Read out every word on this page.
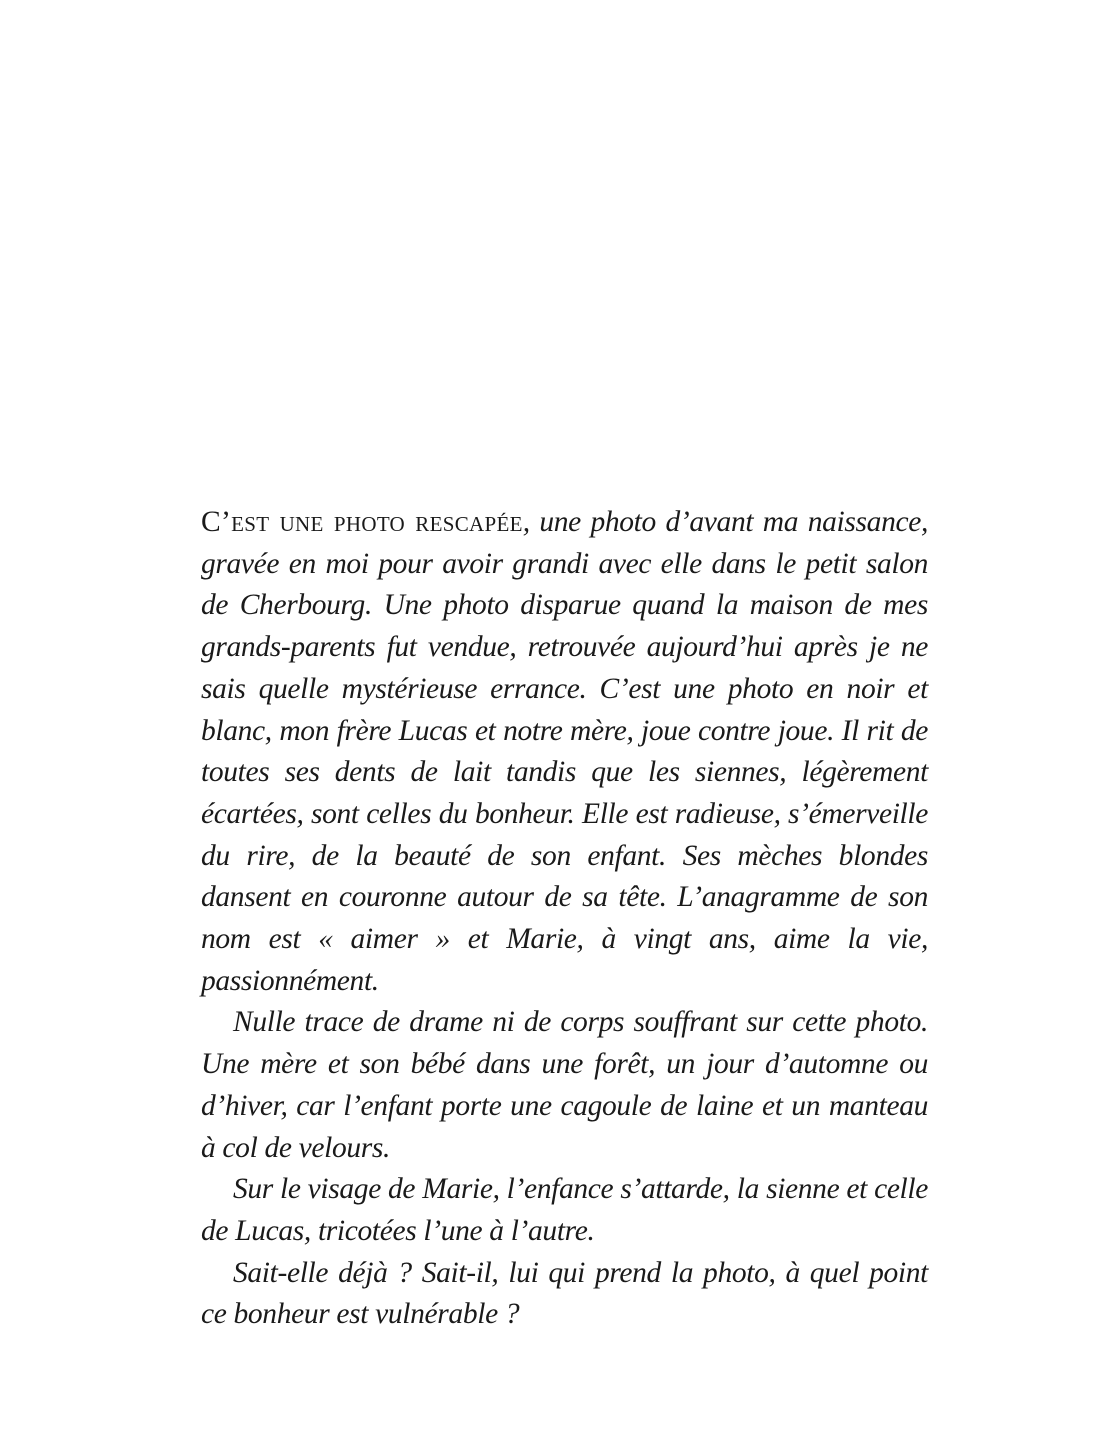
C’est une photo rescapée, une photo d’avant ma naissance, gravée en moi pour avoir grandi avec elle dans le petit salon de Cherbourg. Une photo disparue quand la maison de mes grands-parents fut vendue, retrouvée aujourd’hui après je ne sais quelle mystérieuse errance. C’est une photo en noir et blanc, mon frère Lucas et notre mère, joue contre joue. Il rit de toutes ses dents de lait tandis que les siennes, légèrement écartées, sont celles du bonheur. Elle est radieuse, s’émerveille du rire, de la beauté de son enfant. Ses mèches blondes dansent en couronne autour de sa tête. L’anagramme de son nom est « aimer » et Marie, à vingt ans, aime la vie, passionnément.

Nulle trace de drame ni de corps souffrant sur cette photo. Une mère et son bébé dans une forêt, un jour d’automne ou d’hiver, car l’enfant porte une cagoule de laine et un manteau à col de velours.

Sur le visage de Marie, l’enfance s’attarde, la sienne et celle de Lucas, tricotées l’une à l’autre.

Sait-elle déjà ? Sait-il, lui qui prend la photo, à quel point ce bonheur est vulnérable ?
